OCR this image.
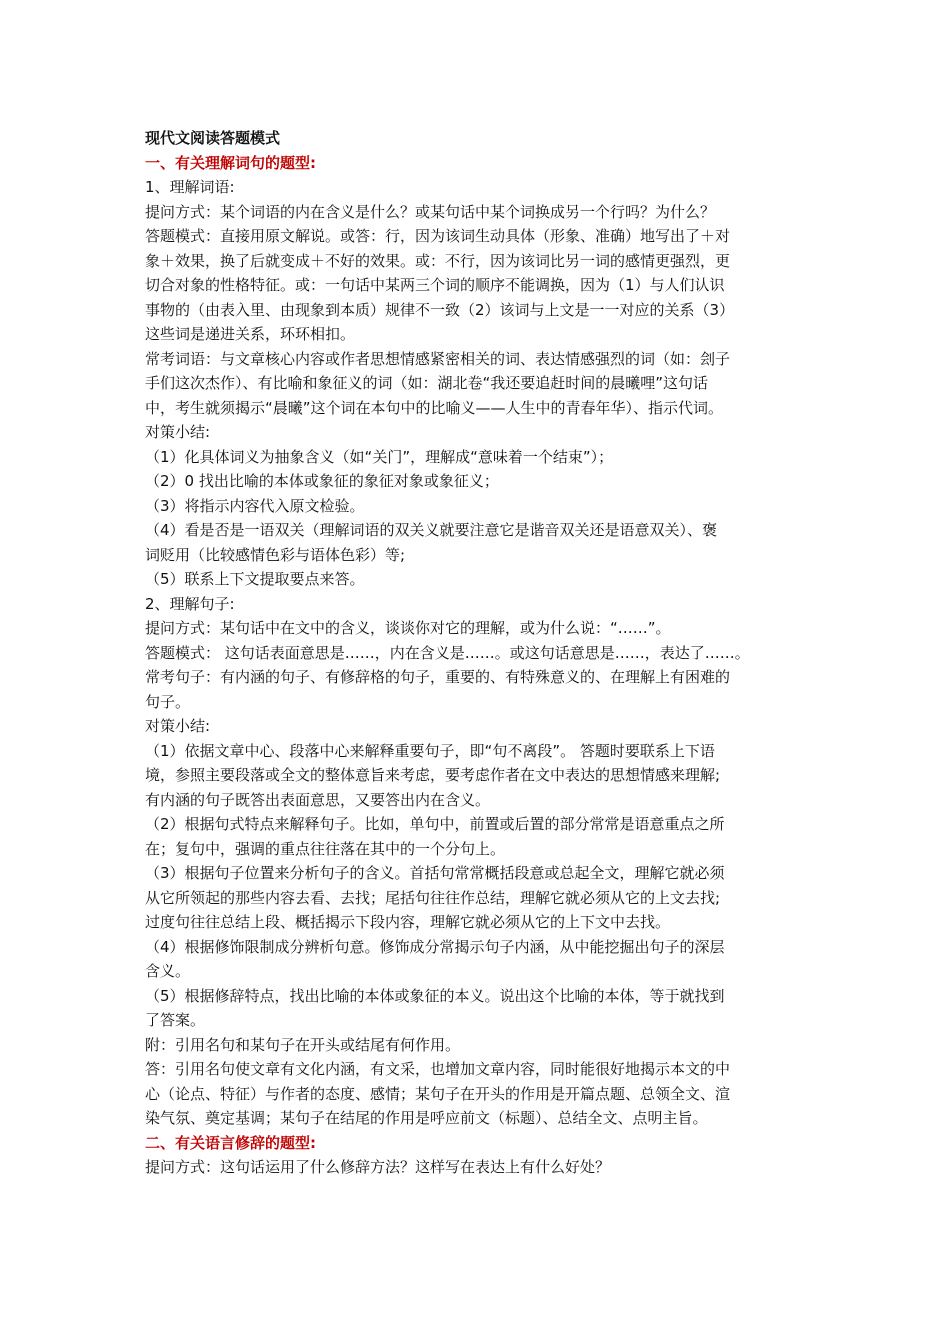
现代文阅读答题模式

一、有关理解词句的题型:

1、理解词语:

提问方式：某个词语的内在含义是什么？或某句话中某个词换成另一个行吗？为什么？

答题模式：直接用原文解说。或答：行，因为该词生动具体（形象、准确）地写出了＋对

象＋效果，换了后就变成＋不好的效果。或：不行，因为该词比另一词的感情更强烈，更

切合对象的性格特征。或：一句话中某两三个词的顺序不能调换，因为（1）与人们认识

事物的（由表入里、由现象到本质）规律不一致（2）该词与上文是一一对应的关系（3）

这些词是递进关系，环环相扣。

常考词语：与文章核心内容或作者思想情感紧密相关的词、表达情感强烈的词（如：刽子

手们这次杰作）、有比喻和象征义的词（如：湖北卷“我还要追赶时间的晨曦哩”这句话

中，考生就须揭示“晨曦”这个词在本句中的比喻义——人生中的青春年华）、指示代词。

对策小结:

（1）化具体词义为抽象含义（如“关门”，理解成“意味着一个结束”）；

（2）0 找出比喻的本体或象征的象征对象或象征义；

（3）将指示内容代入原文检验。

（4）看是否是一语双关（理解词语的双关义就要注意它是谐音双关还是语意双关）、褒

词贬用（比较感情色彩与语体色彩）等;

（5）联系上下文提取要点来答。

2、理解句子:

提问方式：某句话中在文中的含义，谈谈你对它的理解，或为什么说：“……”。

答题模式： 这句话表面意思是……，内在含义是……。或这句话意思是……，表达了……。

常考句子：有内涵的句子、有修辞格的句子，重要的、有特殊意义的、在理解上有困难的

句子。

对策小结:

（1）依据文章中心、段落中心来解释重要句子，即“句不离段”。 答题时要联系上下语

境，参照主要段落或全文的整体意旨来考虑，要考虑作者在文中表达的思想情感来理解;

有内涵的句子既答出表面意思，又要答出内在含义。

（2）根据句式特点来解释句子。比如，单句中，前置或后置的部分常常是语意重点之所

在；复句中，强调的重点往往落在其中的一个分句上。

（3）根据句子位置来分析句子的含义。首括句常常概括段意或总起全文，理解它就必须

从它所领起的那些内容去看、去找；尾括句往往作总结，理解它就必须从它的上文去找;

过度句往往总结上段、概括揭示下段内容，理解它就必须从它的上下文中去找。

（4）根据修饰限制成分辨析句意。修饰成分常揭示句子内涵，从中能挖掘出句子的深层

含义。

（5）根据修辞特点，找出比喻的本体或象征的本义。说出这个比喻的本体，等于就找到

了答案。

附：引用名句和某句子在开头或结尾有何作用。

答：引用名句使文章有文化内涵，有文采，也增加文章内容，同时能很好地揭示本文的中

心（论点、特征）与作者的态度、感情；某句子在开头的作用是开篇点题、总领全文、渲

染气氛、奠定基调；某句子在结尾的作用是呼应前文（标题）、总结全文、点明主旨。

二、有关语言修辞的题型:

提问方式：这句话运用了什么修辞方法？这样写在表达上有什么好处？
